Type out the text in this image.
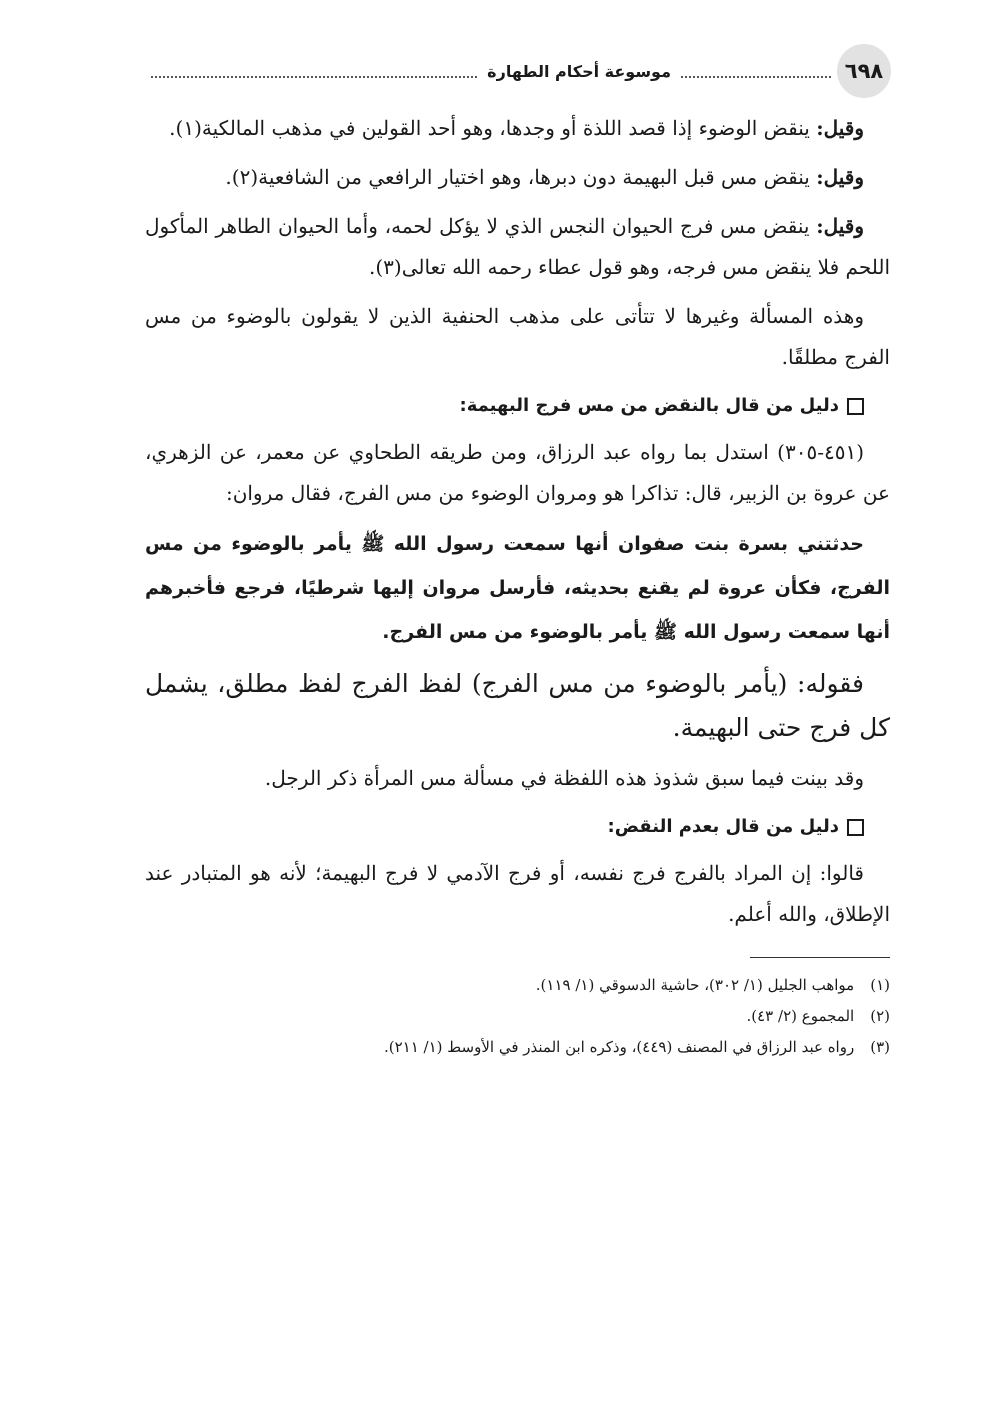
٦٩٨
موسوعة أحكام الطهارة

وقيل: ينقض الوضوء إذا قصد اللذة أو وجدها، وهو أحد القولين في مذهب المالكية(١).

وقيل: ينقض مس قبل البهيمة دون دبرها، وهو اختيار الرافعي من الشافعية(٢).

وقيل: ينقض مس فرج الحيوان النجس الذي لا يؤكل لحمه، وأما الحيوان الطاهر المأكول اللحم فلا ينقض مس فرجه، وهو قول عطاء رحمه الله تعالى(٣).

وهذه المسألة وغيرها لا تتأتى على مذهب الحنفية الذين لا يقولون بالوضوء من مس الفرج مطلقًا.

دليل من قال بالنقض من مس فرج البهيمة:

(٤٥١-٣٠٥) استدل بما رواه عبد الرزاق، ومن طريقه الطحاوي عن معمر، عن الزهري، عن عروة بن الزبير، قال: تذاكرا هو ومروان الوضوء من مس الفرج، فقال مروان:

حدثتني بسرة بنت صفوان أنها سمعت رسول الله ﷺ يأمر بالوضوء من مس الفرج، فكأن عروة لم يقنع بحديثه، فأرسل مروان إليها شرطيًا، فرجع فأخبرهم أنها سمعت رسول الله ﷺ يأمر بالوضوء من مس الفرج.

فقوله: (يأمر بالوضوء من مس الفرج) لفظ الفرج لفظ مطلق، يشمل كل فرج حتى البهيمة.

وقد بينت فيما سبق شذوذ هذه اللفظة في مسألة مس المرأة ذكر الرجل.

دليل من قال بعدم النقض:

قالوا: إن المراد بالفرج فرج نفسه، أو فرج الآدمي لا فرج البهيمة؛ لأنه هو المتبادر عند الإطلاق، والله أعلم.

(١)
مواهب الجليل (١/ ٣٠٢)، حاشية الدسوقي (١/ ١١٩).
(٢)
المجموع (٢/ ٤٣).
(٣)
رواه عبد الرزاق في المصنف (٤٤٩)، وذكره ابن المنذر في الأوسط (١/ ٢١١).
